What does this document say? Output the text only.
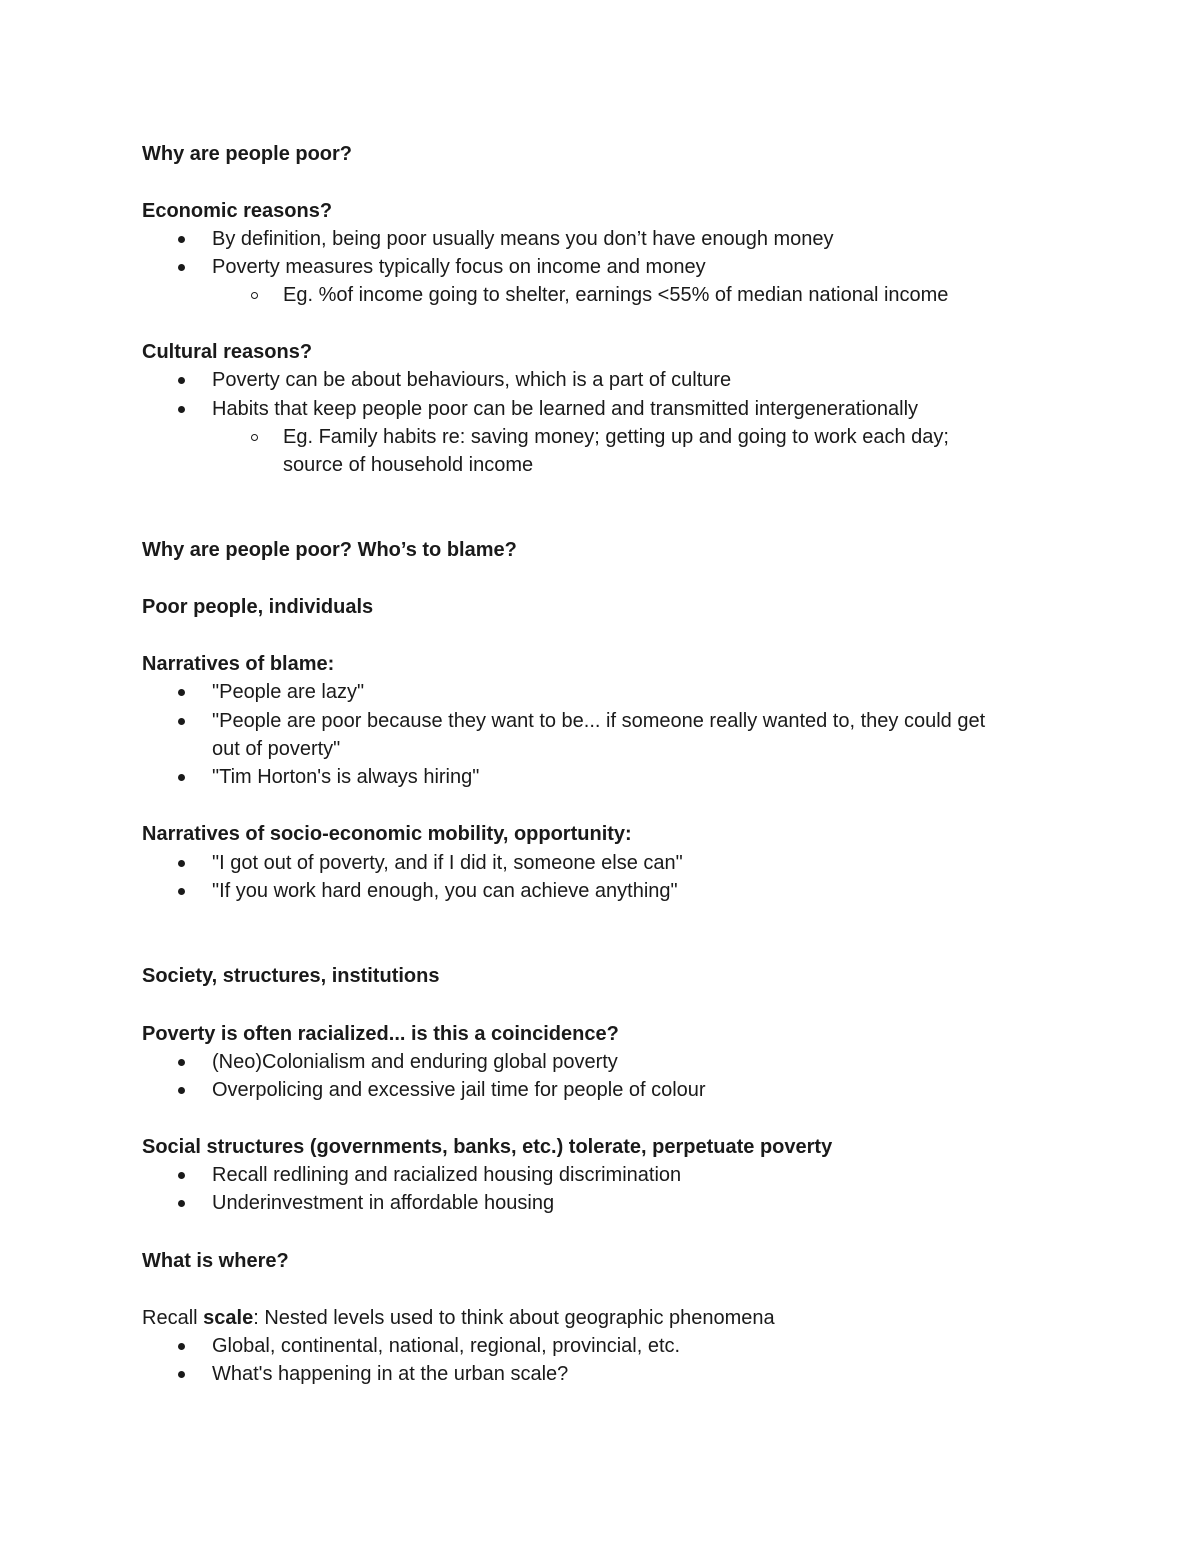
Why are people poor?
Economic reasons?
By definition, being poor usually means you don’t have enough money
Poverty measures typically focus on income and money
Eg. %of income going to shelter, earnings <55% of median national income
Cultural reasons?
Poverty can be about behaviours, which is a part of culture
Habits that keep people poor can be learned and transmitted intergenerationally
Eg. Family habits re: saving money; getting up and going to work each day;
source of household income
Why are people poor? Who’s to blame?
Poor people, individuals
Narratives of blame:
"People are lazy"
"People are poor because they want to be... if someone really wanted to, they could get
out of poverty"
"Tim Horton's is always hiring"
Narratives of socio-economic mobility, opportunity:
"I got out of poverty, and if I did it, someone else can"
"If you work hard enough, you can achieve anything"
Society, structures, institutions
Poverty is often racialized... is this a coincidence?
(Neo)Colonialism and enduring global poverty
Overpolicing and excessive jail time for people of colour
Social structures (governments, banks, etc.) tolerate, perpetuate poverty
Recall redlining and racialized housing discrimination
Underinvestment in affordable housing
What is where?
Recall scale: Nested levels used to think about geographic phenomena
Global, continental, national, regional, provincial, etc.
What's happening in at the urban scale?
